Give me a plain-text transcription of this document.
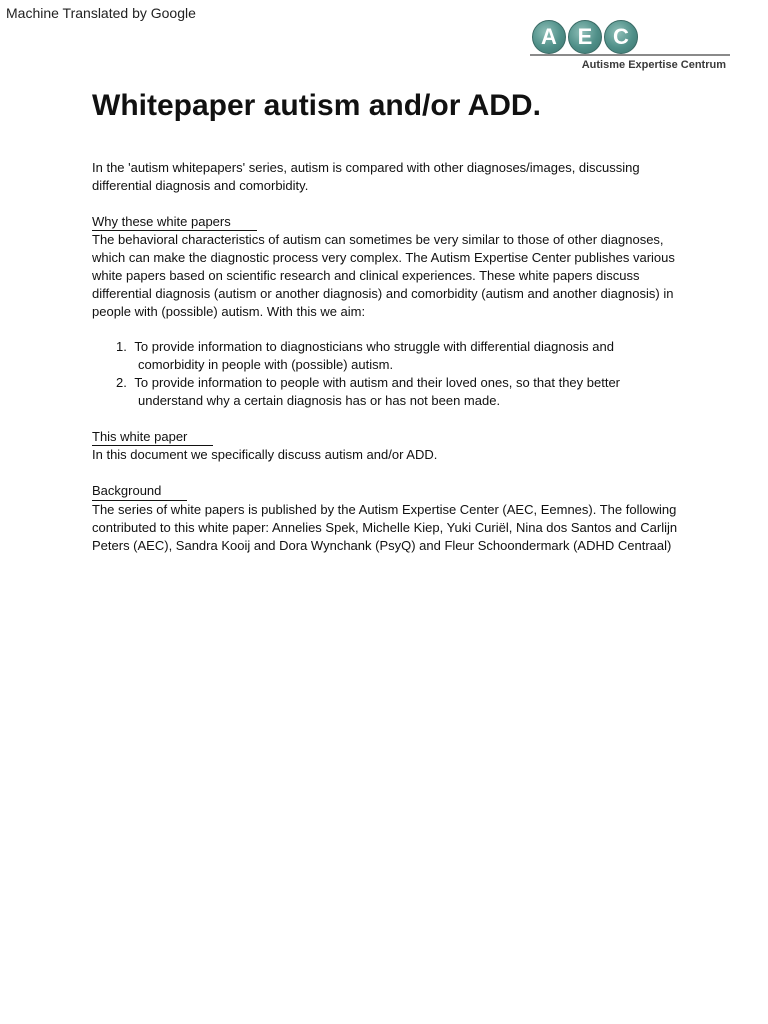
Machine Translated by Google
A E C
Autisme Expertise Centrum
Whitepaper autism and/or ADD.

In the 'autism whitepapers' series, autism is compared with other diagnoses/images, discussing differential diagnosis and comorbidity.

Why these white papers

The behavioral characteristics of autism can sometimes be very similar to those of other diagnoses, which can make the diagnostic process very complex. The Autism Expertise Center publishes various white papers based on scientific research and clinical experiences. These white papers discuss differential diagnosis (autism or another diagnosis) and comorbidity (autism and another diagnosis) in people with (possible) autism. With this we aim:

1. To provide information to diagnosticians who struggle with differential diagnosis and comorbidity in people with (possible) autism.
2. To provide information to people with autism and their loved ones, so that they better understand why a certain diagnosis has or has not been made.
This white paper

In this document we specifically discuss autism and/or ADD.

Background

The series of white papers is published by the Autism Expertise Center (AEC, Eemnes). The following contributed to this white paper: Annelies Spek, Michelle Kiep, Yuki Curiël, Nina dos Santos and Carlijn Peters (AEC), Sandra Kooij and Dora Wynchank (PsyQ) and Fleur Schoondermark (ADHD Centraal)
